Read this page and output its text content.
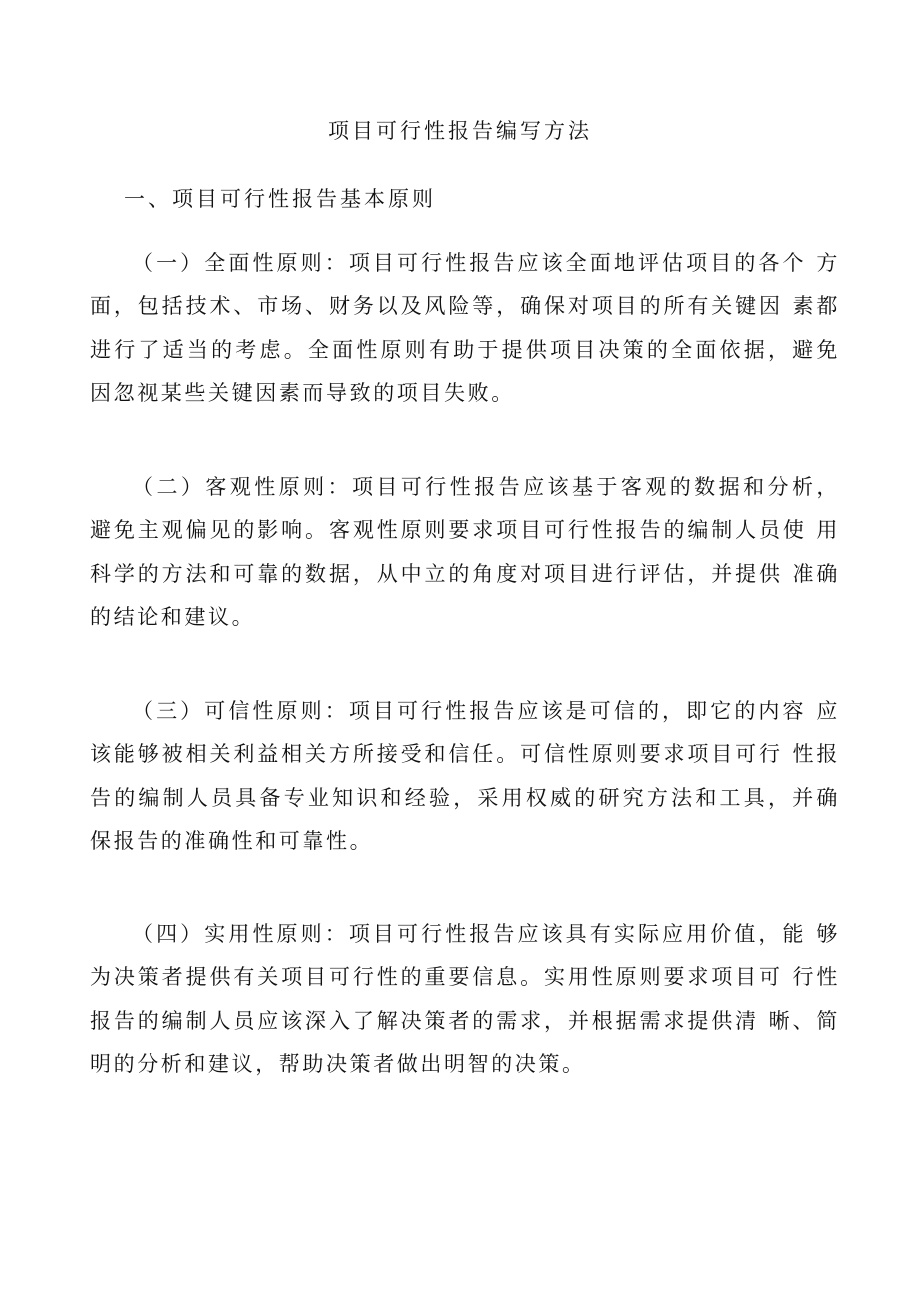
项目可行性报告编写方法
一、项目可行性报告基本原则

（一）全面性原则：项目可行性报告应该全面地评估项目的各个 方面，包括技术、市场、财务以及风险等，确保对项目的所有关键因 素都进行了适当的考虑。全面性原则有助于提供项目决策的全面依据，避免因忽视某些关键因素而导致的项目失败。

（二）客观性原则：项目可行性报告应该基于客观的数据和分析， 避免主观偏见的影响。客观性原则要求项目可行性报告的编制人员使 用科学的方法和可靠的数据，从中立的角度对项目进行评估，并提供 准确的结论和建议。

（三）可信性原则：项目可行性报告应该是可信的，即它的内容 应该能够被相关利益相关方所接受和信任。可信性原则要求项目可行 性报告的编制人员具备专业知识和经验，采用权威的研究方法和工具，并确保报告的准确性和可靠性。

（四）实用性原则：项目可行性报告应该具有实际应用价值，能 够为决策者提供有关项目可行性的重要信息。实用性原则要求项目可 行性报告的编制人员应该深入了解决策者的需求，并根据需求提供清 晰、简明的分析和建议，帮助决策者做出明智的决策。
